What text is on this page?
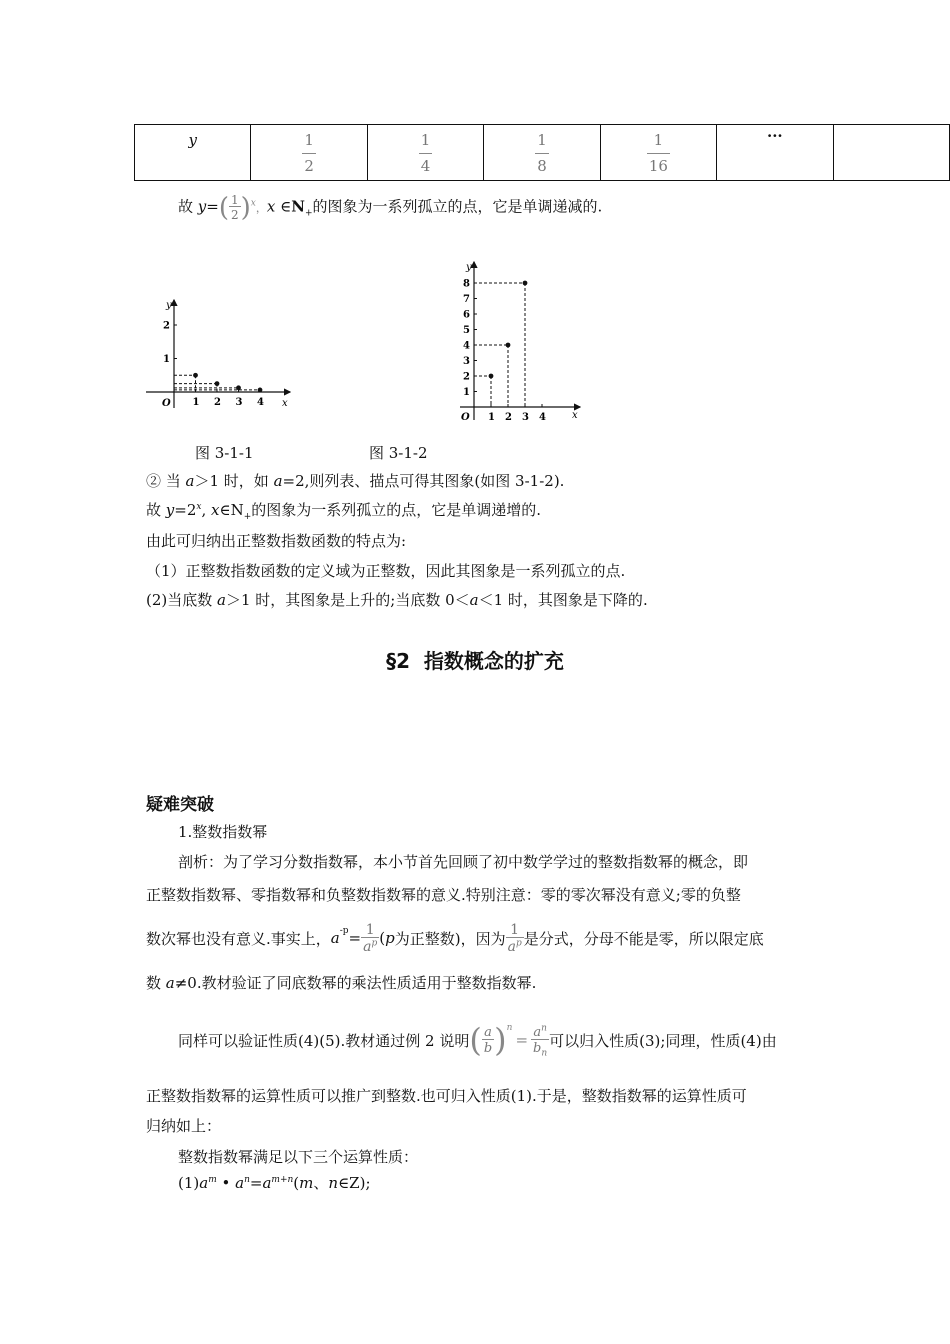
y	$\frac{1}{2}$	$\frac{1}{4}$	$\frac{1}{8}$	$\frac{1}{16}$	···	
故 $y=( \frac{1}{2} )^x$，x $\in N_+$的图象为一系列孤立的点，它是单调递减的.
1 2 3 4
1
2
y
x
O
1 2 3 4
1
2
3
4
5
6
7
8
y
x
O
图 3-1-1	图 3-1-2
② 当 a＞1 时，如 a=2,则列表、描点可得其图象(如图 3-1-2).
故 $y=2^x$, $x\in N_+$的图象为一系列孤立的点，它是单调递增的.
由此可归纳出正整数指数函数的特点为:
（1）正整数指数函数的定义域为正整数，因此其图象是一系列孤立的点.
(2)当底数 a＞1 时，其图象是上升的;当底数 0＜a＜1 时，其图象是下降的.
§2  指数概念的扩充
疑难突破
1.整数指数幂
剖析：为了学习分数指数幂，本小节首先回顾了初中数学学过的整数指数幂的概念，即
正整数指数幂、零指数幂和负整数指数幂的意义.特别注意：零的零次幂没有意义;零的负整
数次幂也没有意义.事实上， $a^{-p} = \frac{1}{a^p}$ ( p 为正整数)，因为 $\frac{1}{a^p}$ 是分式，分母不能是零，所以限定底
数 a≠0.教材验证了同底数幂的乘法性质适用于整数指数幂.
同样可以验证性质(4)(5).教材通过例 2 说明 ( $\frac{a}{b} )^n$
= $\frac{a^n}{b_n}$ 可以归入性质(3);同理，性质(4)由
正整数指数幂的运算性质可以推广到整数.也可归入性质(1).于是，整数指数幂的运算性质可
归纳如上：
整数指数幂满足以下三个运算性质：
$(1)a^m$ • $a^n=a^{m+n}(m$、n∈Z);
